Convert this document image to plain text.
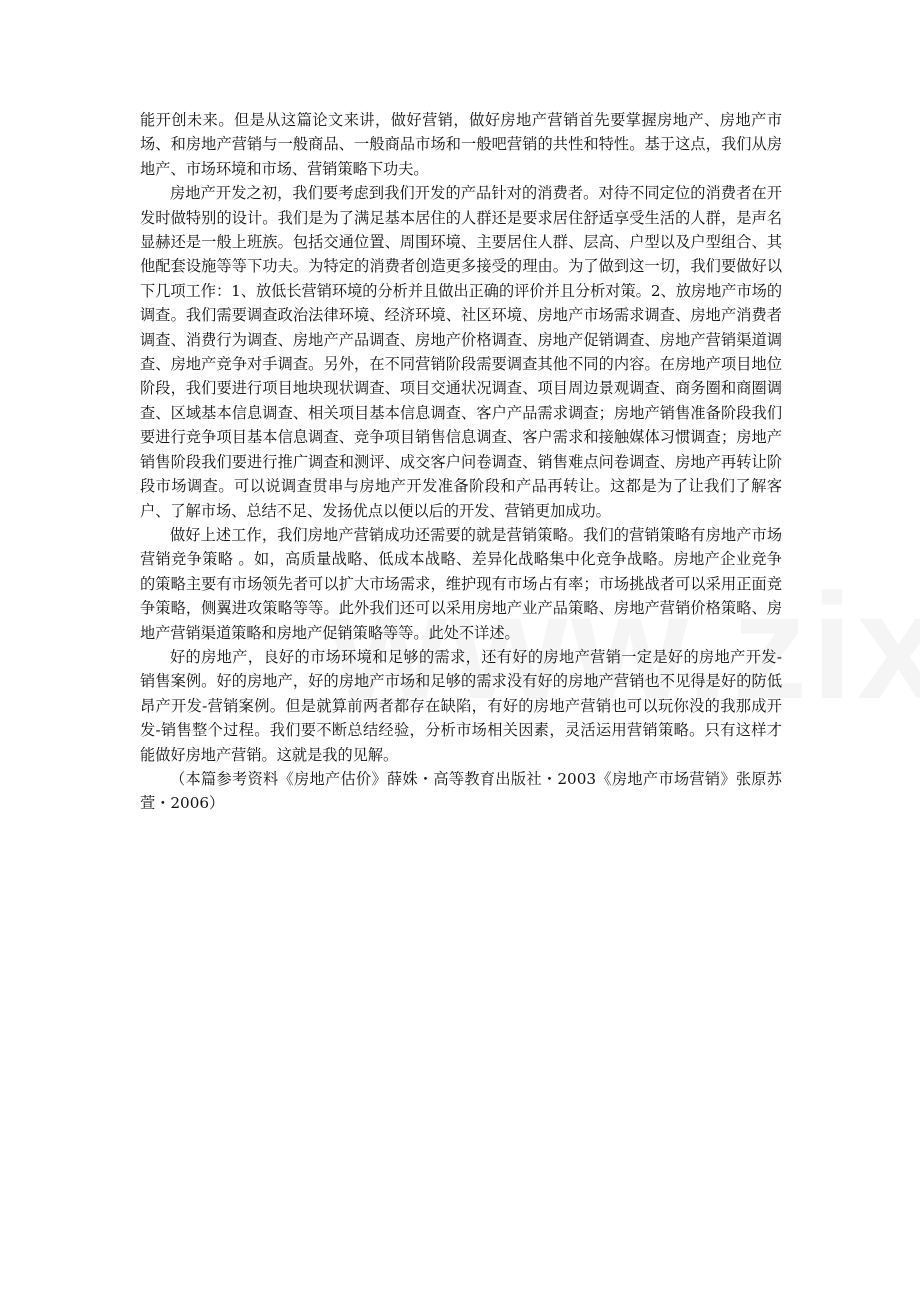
能开创未来。但是从这篇论文来讲，做好营销，做好房地产营销首先要掌握房地产、房地产市场、和房地产营销与一般商品、一般商品市场和一般吧营销的共性和特性。基于这点，我们从房地产、市场环境和市场、营销策略下功夫。

房地产开发之初，我们要考虑到我们开发的产品针对的消费者。对待不同定位的消费者在开发时做特别的设计。我们是为了满足基本居住的人群还是要求居住舒适享受生活的人群，是声名显赫还是一般上班族。包括交通位置、周围环境、主要居住人群、层高、户型以及户型组合、其他配套设施等等下功夫。为特定的消费者创造更多接受的理由。为了做到这一切，我们要做好以下几项工作：1、放低长营销环境的分析并且做出正确的评价并且分析对策。2、放房地产市场的调查。我们需要调查政治法律环境、经济环境、社区环境、房地产市场需求调查、房地产消费者调查、消费行为调查、房地产产品调查、房地产价格调查、房地产促销调查、房地产营销渠道调查、房地产竞争对手调查。另外，在不同营销阶段需要调查其他不同的内容。在房地产项目地位阶段，我们要进行项目地块现状调查、项目交通状况调查、项目周边景观调查、商务圈和商圈调查、区域基本信息调查、相关项目基本信息调查、客户产品需求调查；房地产销售准备阶段我们要进行竞争项目基本信息调查、竞争项目销售信息调查、客户需求和接触媒体习惯调查；房地产销售阶段我们要进行推广调查和测评、成交客户问卷调查、销售难点问卷调查、房地产再转让阶段市场调查。可以说调查贯串与房地产开发准备阶段和产品再转让。这都是为了让我们了解客户、了解市场、总结不足、发扬优点以便以后的开发、营销更加成功。

做好上述工作，我们房地产营销成功还需要的就是营销策略。我们的营销策略有房地产市场营销竞争策略 。如，高质量战略、低成本战略、差异化战略集中化竞争战略。房地产企业竞争的策略主要有市场领先者可以扩大市场需求，维护现有市场占有率；市场挑战者可以采用正面竞争策略，侧翼进攻策略等等。此外我们还可以采用房地产业产品策略、房地产营销价格策略、房地产营销渠道策略和房地产促销策略等等。此处不详述。

好的房地产，良好的市场环境和足够的需求，还有好的房地产营销一定是好的房地产开发-销售案例。好的房地产，好的房地产市场和足够的需求没有好的房地产营销也不见得是好的防低昂产开发-营销案例。但是就算前两者都存在缺陷，有好的房地产营销也可以玩你没的我那成开发-销售整个过程。我们要不断总结经验，分析市场相关因素，灵活运用营销策略。只有这样才能做好房地产营销。这就是我的见解。

（本篇参考资料《房地产估价》薛姝・高等教育出版社・2003《房地产市场营销》张原苏萱・2006）
